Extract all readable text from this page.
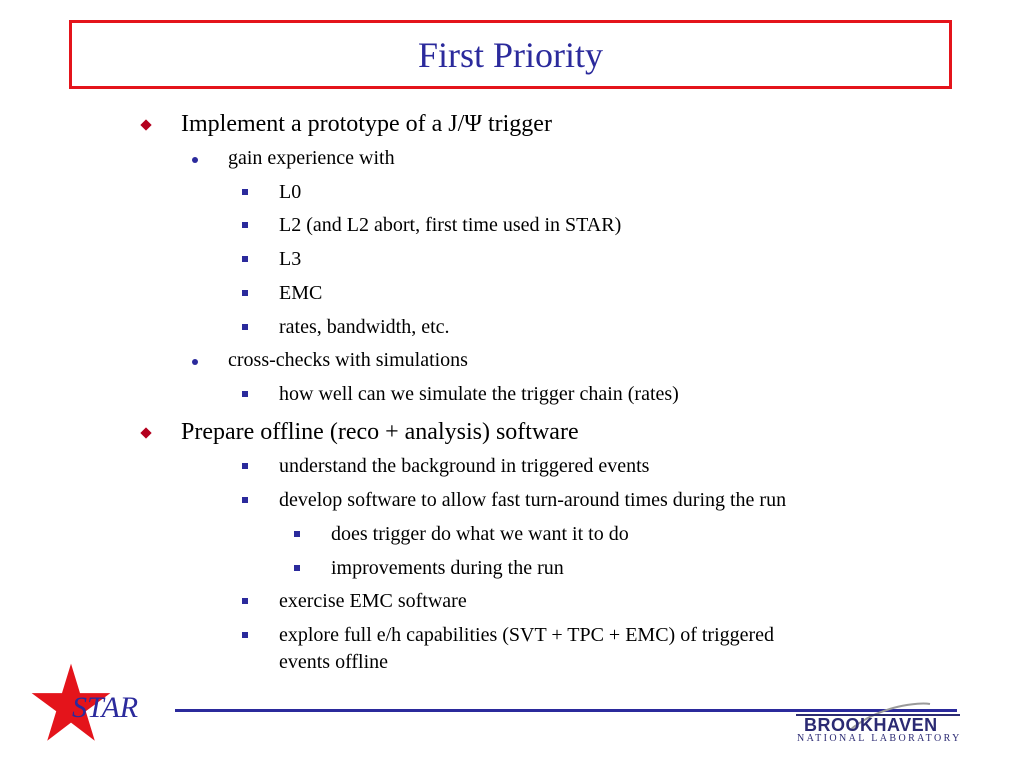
First Priority
Implement a prototype of a J/Ψ trigger
gain experience with
L0
L2 (and L2 abort, first time used in STAR)
L3
EMC
rates, bandwidth, etc.
cross-checks with simulations
how well can we simulate the trigger chain (rates)
Prepare offline (reco + analysis) software
understand the background in triggered events
develop software to allow fast turn-around times during the run
does trigger do what we want it to do
improvements during the run
exercise EMC software
explore full e/h capabilities (SVT + TPC + EMC) of triggered
events offline
STAR
BROOKHAVEN
NATIONAL LABORATORY
